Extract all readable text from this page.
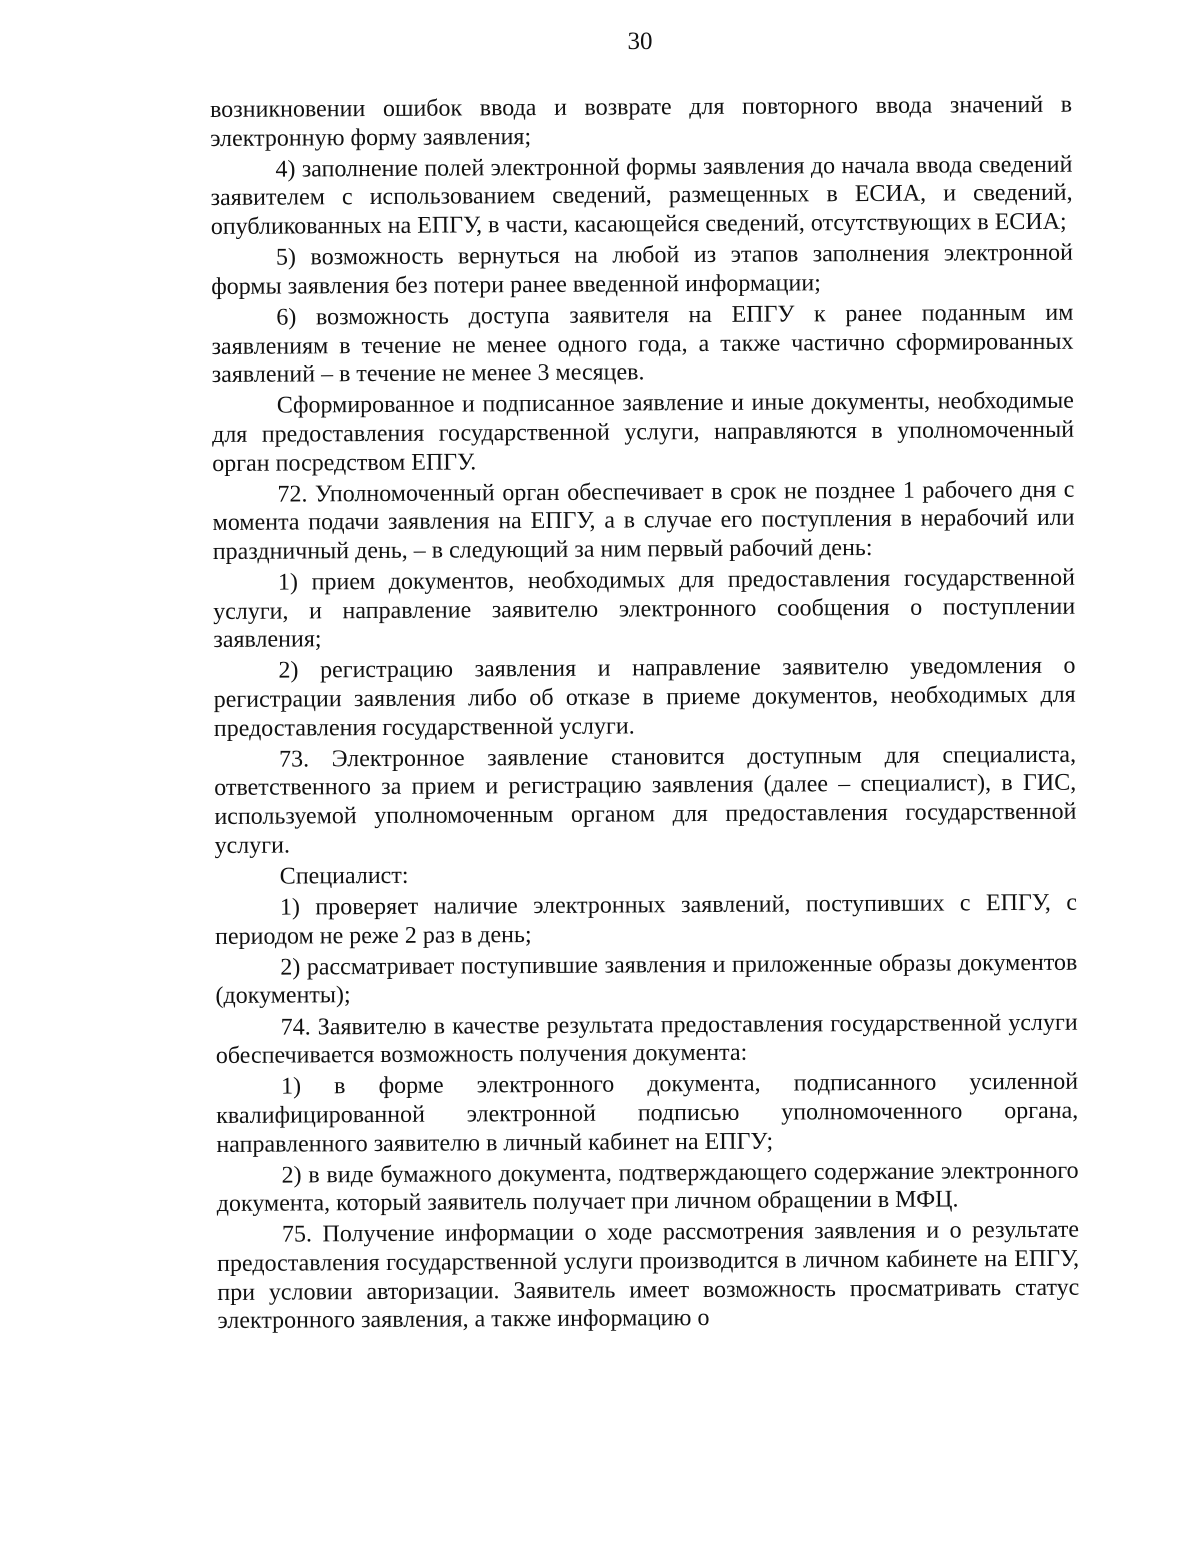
30

возникновении ошибок ввода и возврате для повторного ввода значений в электронную форму заявления;

4) заполнение полей электронной формы заявления до начала ввода сведений заявителем с использованием сведений, размещенных в ЕСИА, и сведений, опубликованных на ЕПГУ, в части, касающейся сведений, отсутствующих в ЕСИА;

5) возможность вернуться на любой из этапов заполнения электронной формы заявления без потери ранее введенной информации;

6) возможность доступа заявителя на ЕПГУ к ранее поданным им заявлениям в течение не менее одного года, а также частично сформированных заявлений – в течение не менее 3 месяцев.

Сформированное и подписанное заявление и иные документы, необходимые для предоставления государственной услуги, направляются в уполномоченный орган посредством ЕПГУ.

72. Уполномоченный орган обеспечивает в срок не позднее 1 рабочего дня с момента подачи заявления на ЕПГУ, а в случае его поступления в нерабочий или праздничный день, – в следующий за ним первый рабочий день:

1) прием документов, необходимых для предоставления государственной услуги, и направление заявителю электронного сообщения о поступлении заявления;

2) регистрацию заявления и направление заявителю уведомления о регистрации заявления либо об отказе в приеме документов, необходимых для предоставления государственной услуги.

73. Электронное заявление становится доступным для специалиста, ответственного за прием и регистрацию заявления (далее – специалист), в ГИС, используемой уполномоченным органом для предоставления государственной услуги.

Специалист:

1) проверяет наличие электронных заявлений, поступивших с ЕПГУ, с периодом не реже 2 раз в день;

2) рассматривает поступившие заявления и приложенные образы документов (документы);

74. Заявителю в качестве результата предоставления государственной услуги обеспечивается возможность получения документа:

1) в форме электронного документа, подписанного усиленной квалифицированной электронной подписью уполномоченного органа, направленного заявителю в личный кабинет на ЕПГУ;

2) в виде бумажного документа, подтверждающего содержание электронного документа, который заявитель получает при личном обращении в МФЦ.

75. Получение информации о ходе рассмотрения заявления и о результате предоставления государственной услуги производится в личном кабинете на ЕПГУ, при условии авторизации. Заявитель имеет возможность просматривать статус электронного заявления, а также информацию о
